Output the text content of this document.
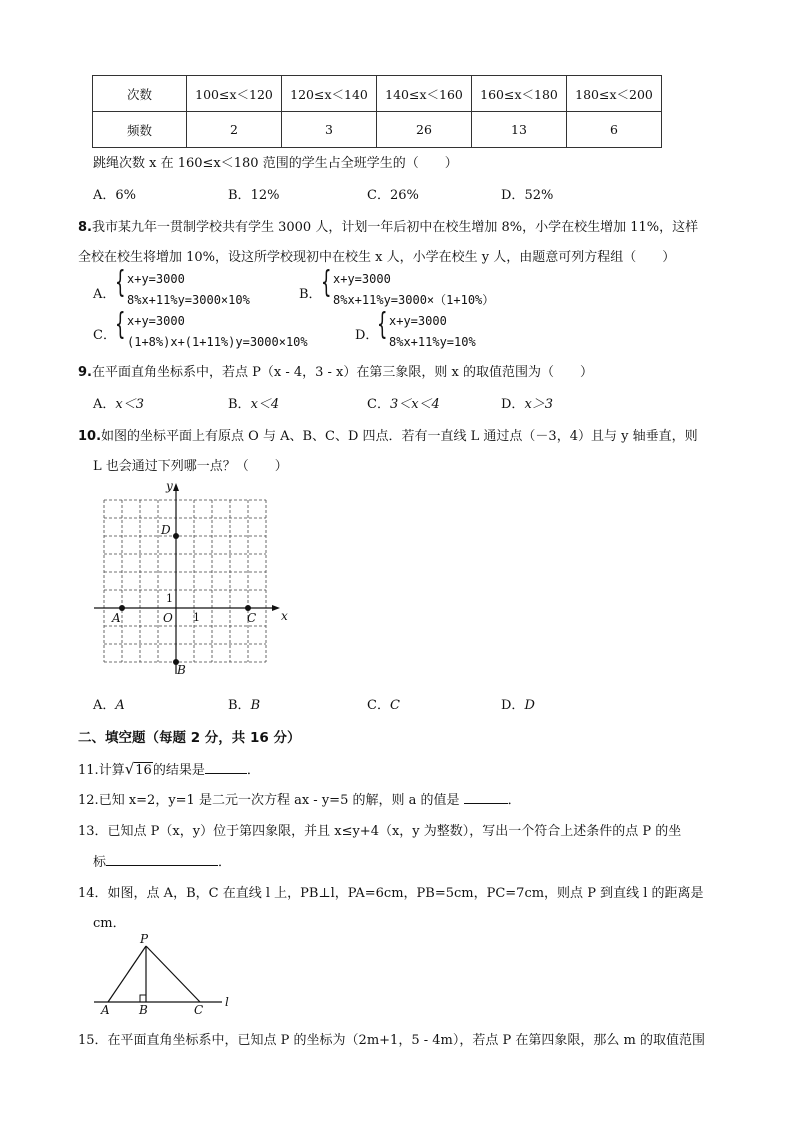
次数	100≤x＜120	120≤x＜140	140≤x＜160	160≤x＜180	180≤x＜200
频数	2	3	26	13	6
跳绳次数 x 在 160≤x＜180 范围的学生占全班学生的（　　）
A．6%	B．12%	C．26%	D．52%
8.我市某九年一贯制学校共有学生 3000 人，计划一年后初中在校生增加 8%，小学在校生增加 11%，这样
全校在校生将增加 10%，设这所学校现初中在校生 x 人，小学在校生 y 人，由题意可列方程组（　　）
A． { x+y=3000
8%x+11%y=3000×10%	B． { x+y=3000
8%x+11%y=3000×（1+10%）
C． { x+y=3000
(1+8%)x+(1+11%)y=3000×10%	D．
{ x+y=3000
8%x+11%y=10%
9.在平面直角坐标系中，若点 P（x - 4，3 - x）在第三象限，则 x 的取值范围为（　　）
A．x＜3	B．x＜4	C．3＜x＜4	D．x＞3
10.如图的坐标平面上有原点 O 与 A、B、C、D 四点．若有一直线 L 通过点（－3，4）且与 y 轴垂直，则
L 也会通过下列哪一点？（　　）
x
y
O
A	C
D
B
1
1
A．A	B．B	C．C	D．D
二、填空题（每题 2 分，共 16 分）
11.计算√16的结果是	．
12.已知 x=2，y=1 是二元一次方程 ax - y=5 的解，则 a 的值是	．
13．已知点 P（x，y）位于第四象限，并且 x≤y+4（x，y 为整数），写出一个符合上述条件的点 P 的坐
标	．
14．如图，点 A，B，C 在直线 l 上，PB⊥l，PA=6cm，PB=5cm，PC=7cm，则点 P 到直线 l 的距离是
cm．
P
A B	C
l
15．在平面直角坐标系中，已知点 P 的坐标为（2m+1，5 - 4m），若点 P 在第四象限，那么 m 的取值范围
